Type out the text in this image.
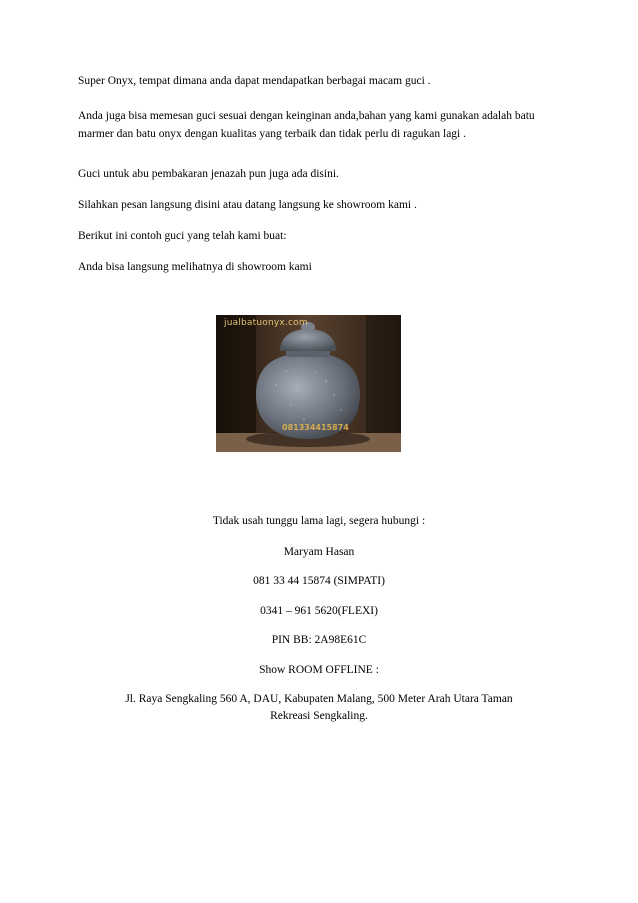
Super Onyx, tempat dimana anda dapat mendapatkan berbagai macam guci .

Anda juga bisa memesan guci sesuai dengan keinginan anda,bahan yang kami gunakan adalah batu marmer dan batu onyx dengan kualitas yang terbaik dan tidak perlu di ragukan lagi .

Guci untuk abu pembakaran jenazah pun juga ada disini.

Silahkan pesan langsung disini atau datang langsung ke showroom kami .

Berikut ini contoh guci yang telah kami buat:

Anda bisa langsung melihatnya di showroom kami

jualbatuonyx.com
081334415874

Tidak usah tunggu lama lagi, segera hubungi :

Maryam Hasan

081 33 44 15874 (SIMPATI)

0341 – 961 5620(FLEXI)

PIN BB: 2A98E61C

Show ROOM OFFLINE :

Jl. Raya Sengkaling 560 A, DAU, Kabupaten Malang, 500 Meter Arah Utara Taman

Rekreasi Sengkaling.
